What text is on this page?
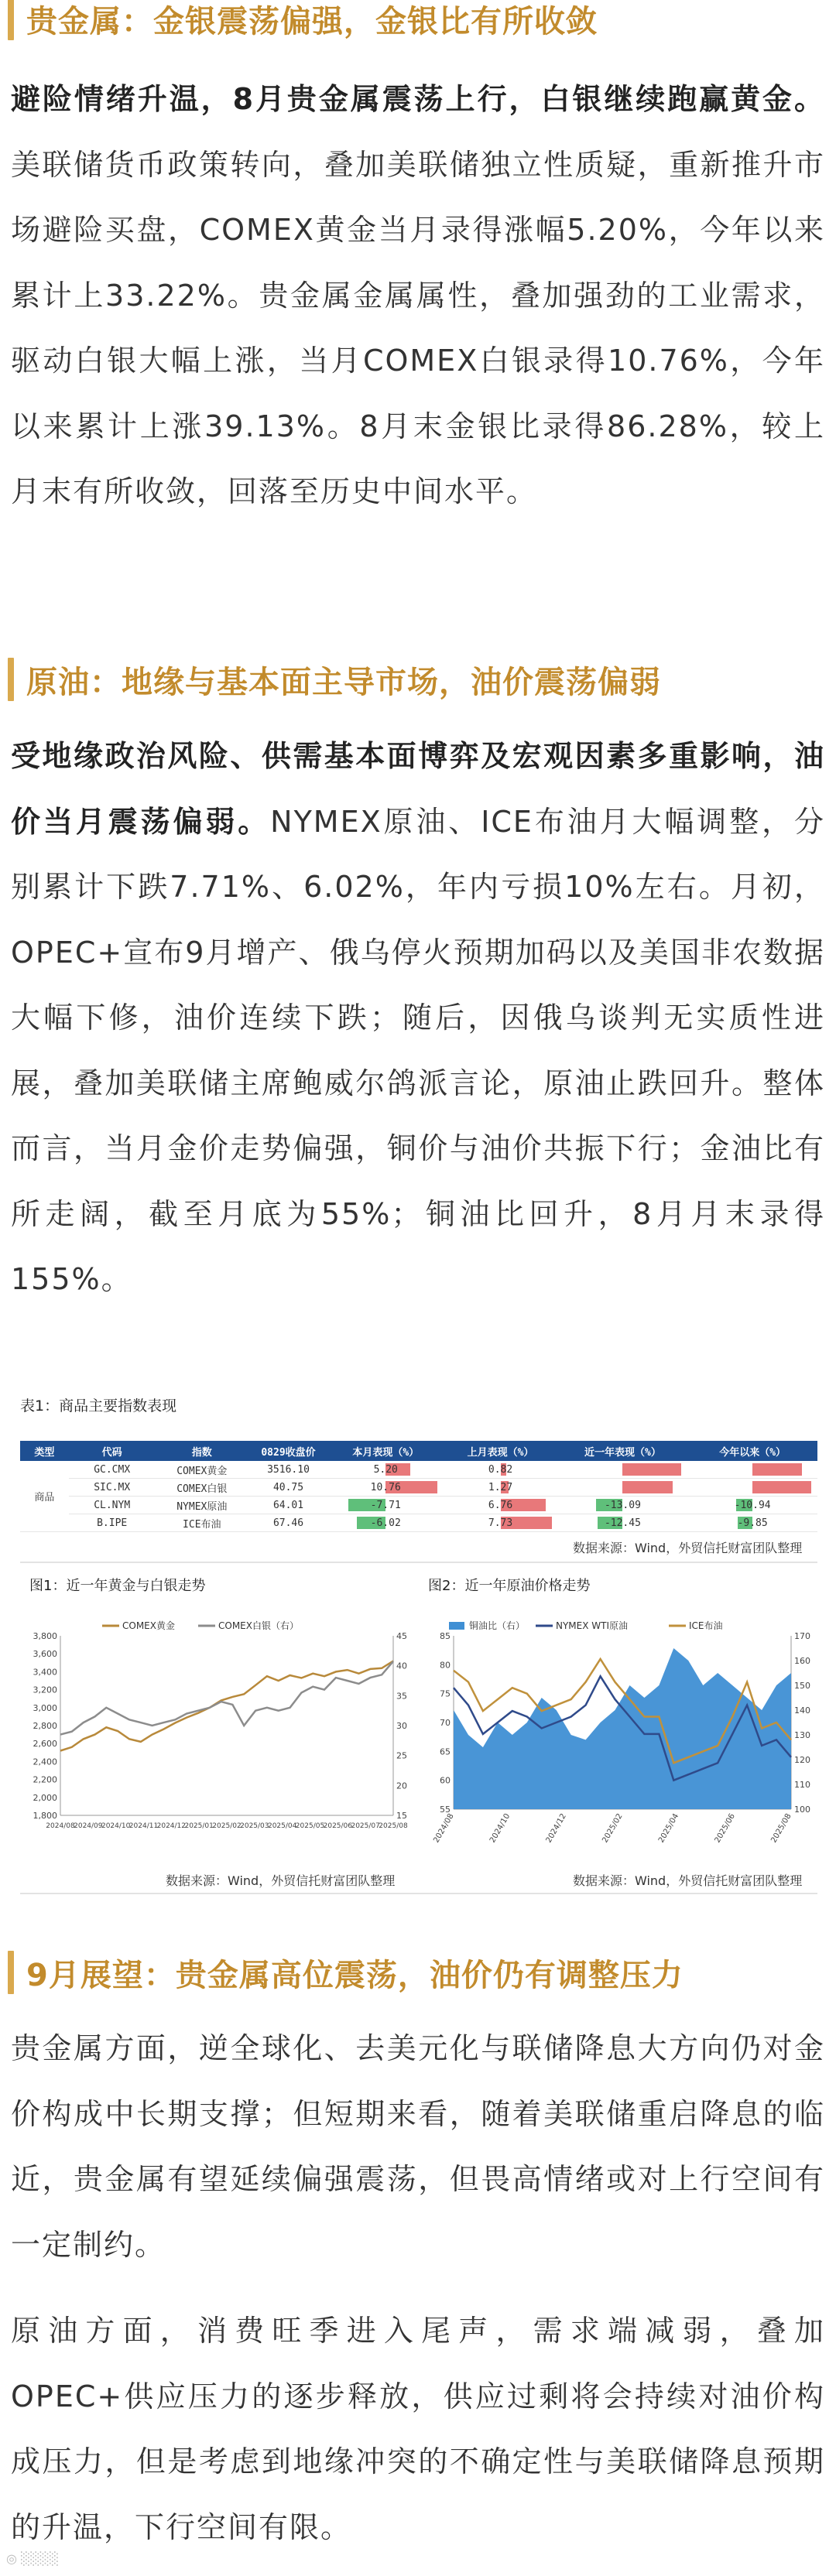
贵金属：金银震荡偏强，金银比有所收敛

避险情绪升温，8月贵金属震荡上行，白银继续跑赢黄金。美联储货币政策转向，叠加美联储独立性质疑，重新推升市场避险买盘，COMEX黄金当月录得涨幅5.20%，今年以来累计上33.22%。贵金属金属属性，叠加强劲的工业需求，驱动白银大幅上涨，当月COMEX白银录得10.76%，今年以来累计上涨39.13%。8月末金银比录得86.28%，较上月末有所收敛，回落至历史中间水平。

原油：地缘与基本面主导市场，油价震荡偏弱

受地缘政治风险、供需基本面博弈及宏观因素多重影响，油价当月震荡偏弱。NYMEX原油、ICE布油月大幅调整，分别累计下跌7.71%、6.02%，年内亏损10%左右。月初，OPEC+宣布9月增产、俄乌停火预期加码以及美国非农数据大幅下修，油价连续下跌；随后，因俄乌谈判无实质性进展，叠加美联储主席鲍威尔鸽派言论，原油止跌回升。整体而言，当月金价走势偏强，铜价与油价共振下行；金油比有所走阔，截至月底为55%；铜油比回升，8月月末录得155%。

表1：商品主要指数表现
类型	代码	指数	0829收盘价	本月表现（%）	上月表现（%）	近一年表现（%）	今年以来（%）
商品	GC.CMX	COMEX黄金	3516.10	5.20	0.82	

	SIC.MX	COMEX白银	40.75	10.76	1.27	

	CL.NYM	NYMEX原油	64.01	-7.71	6.76	-13.09	-10.94
	B.IPE	ICE布油	67.46	-6.02	7.73	-12.45	-9.85
数据来源：Wind，外贸信托财富团队整理
图1：近一年黄金与白银走势	图2：近一年原油价格走势
1,800
2,000
2,200
2,400
2,600
2,800
3,000
3,200
3,400
3,600
3,800
15
20
25
30
35
40
45
2024/08
2024/09
2024/10
2024/11
2024/12
2025/01
2025/02
2025/03
2025/04
2025/05
2025/06
2025/07
2025/08
COMEX黄金	COMEX白银（右）
55
60
65
70
75
80
85
100
110
120
130
140
150
160
170
2024/08	2024/10	2024/12	2025/02	2025/04	2025/06	2025/08
铜油比（右）	NYMEX WTI原油	ICE布油
数据来源：Wind，外贸信托财富团队整理	数据来源：Wind，外贸信托财富团队整理
9月展望：贵金属高位震荡，油价仍有调整压力

贵金属方面，逆全球化、去美元化与联储降息大方向仍对金价构成中长期支撑；但短期来看，随着美联储重启降息的临近，贵金属有望延续偏强震荡，但畏高情绪或对上行空间有一定制约。

原油方面，消费旺季进入尾声，需求端减弱，叠加OPEC+供应压力的逐步释放，供应过剩将会持续对油价构成压力，但是考虑到地缘冲突的不确定性与美联储降息预期的升温，下行空间有限。

◎ ░░░░
